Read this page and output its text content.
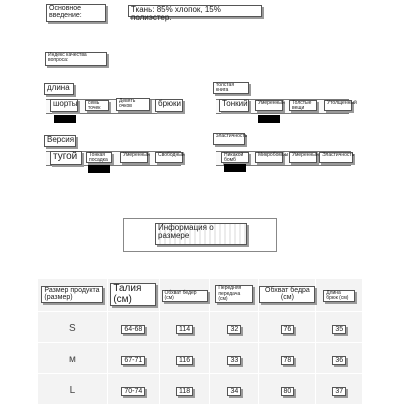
Основное введение:
Ткань: 85% хлопок, 15% полиэстер.
Индекс качества вопроса:
длина
шорты	семь точек
Девять очков	брюки
толстая книга
Тонкий	Умеренный	Толстые вещи
Утолщенный
Версия
тугой	Тонкая посадка
Умеренный	Свободный
эластичность
Никакой бомб
Микробомбы Умеренный Эластичность
Информация о размере
Размер продукта (размер)	Талия (см)	Обхват бедер (см)	Передняя передача (см)	Обхват бедра (см)	Длина брюк (см)
S	64-68	114	32	76	35
м	67-71	116	33	78	36
L	70-74	118	34	80	37
